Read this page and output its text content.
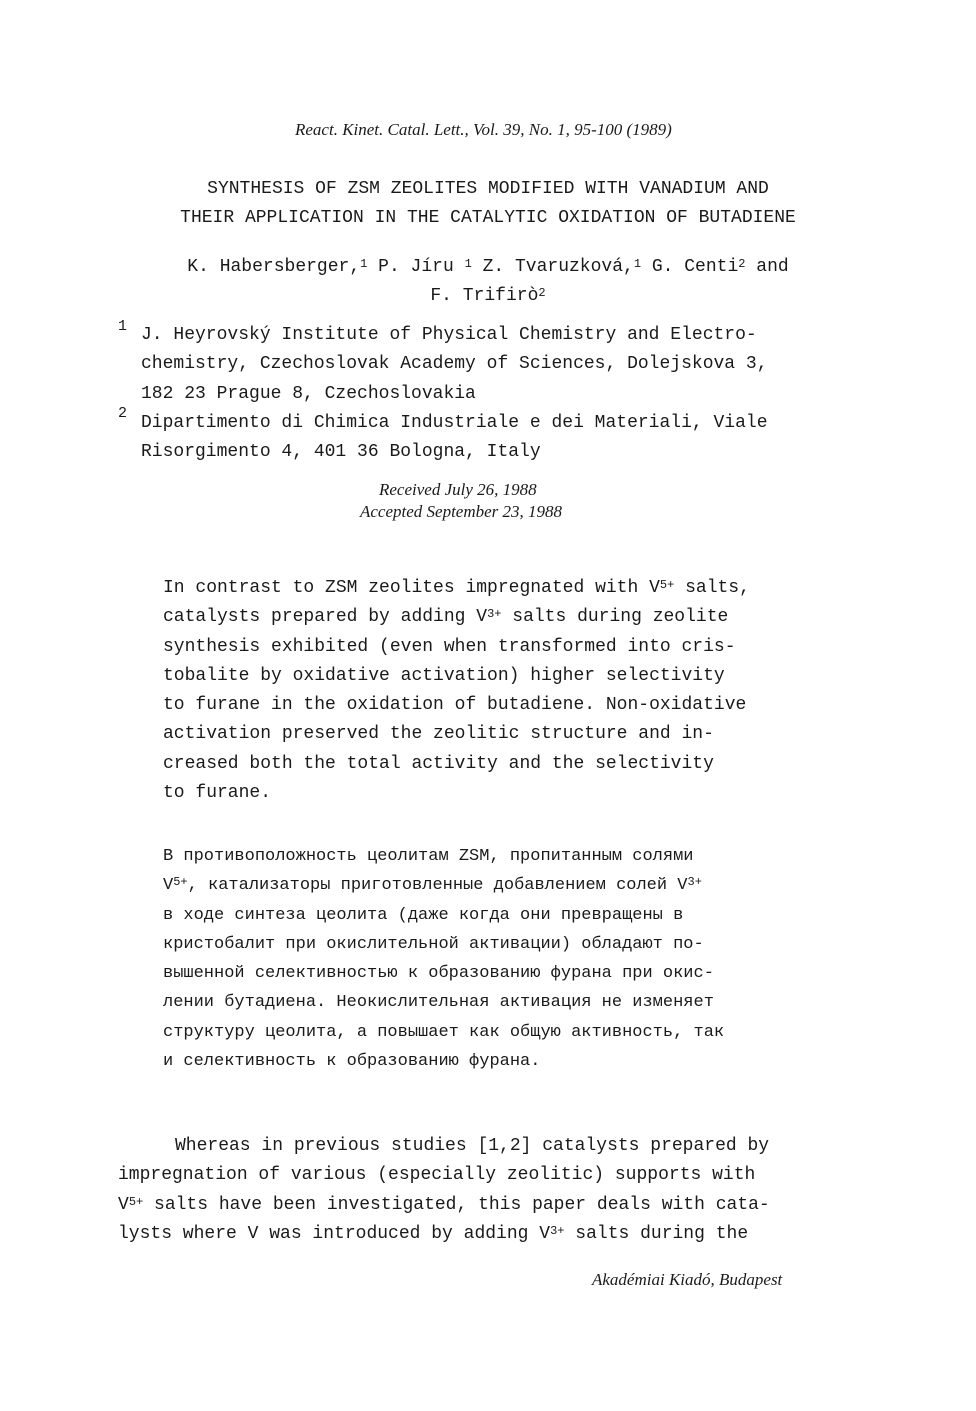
React. Kinet. Catal. Lett., Vol. 39, No. 1, 95-100 (1989)
SYNTHESIS OF ZSM ZEOLITES MODIFIED WITH VANADIUM AND
THEIR APPLICATION IN THE CATALYTIC OXIDATION OF BUTADIENE
K. Habersberger,$^1$ P. Jíru $^1$ Z. Tvaruzková,$^1$ G. Centi$^2$ and
F. Trifirò$^2$
1 J. Heyrovský Institute of Physical Chemistry and Electro-
chemistry, Czechoslovak Academy of Sciences, Dolejskova 3,
182 23 Prague 8, Czechoslovakia
2 Dipartimento di Chimica Industriale e dei Materiali, Viale
Risorgimento 4, 401 36 Bologna, Italy
Received July 26, 1988
Accepted September 23, 1988
In contrast to ZSM zeolites impregnated with $V^{5+}$ salts,
catalysts prepared by adding $V^{3+}$ salts during zeolite
synthesis exhibited (even when transformed into cris-
tobalite by oxidative activation) higher selectivity
to furane in the oxidation of butadiene. Non-oxidative
activation preserved the zeolitic structure and in-
creased both the total activity and the selectivity
to furane.
В противоположность цеолитам ZSM, пропитанным солями
$V^{5+}$, катализаторы приготовленные добавлением солей $V^{3+}$
в ходе синтеза цеолита (даже когда они превращены в
кристобалит при окислительной активации) обладают по-
вышенной селективностью к образованию фурана при окис-
лении бутадиена. Неокислительная активация не изменяет
структуру цеолита, а повышает как общую активность, так
и селективность к образованию фурана.
Whereas in previous studies [1,2] catalysts prepared by
impregnation of various (especially zeolitic) supports with
$V^{5+}$ salts have been investigated, this paper deals with cata-
lysts where V was introduced by adding $V^{3+}$ salts during the
Akadémiai Kiadó, Budapest
